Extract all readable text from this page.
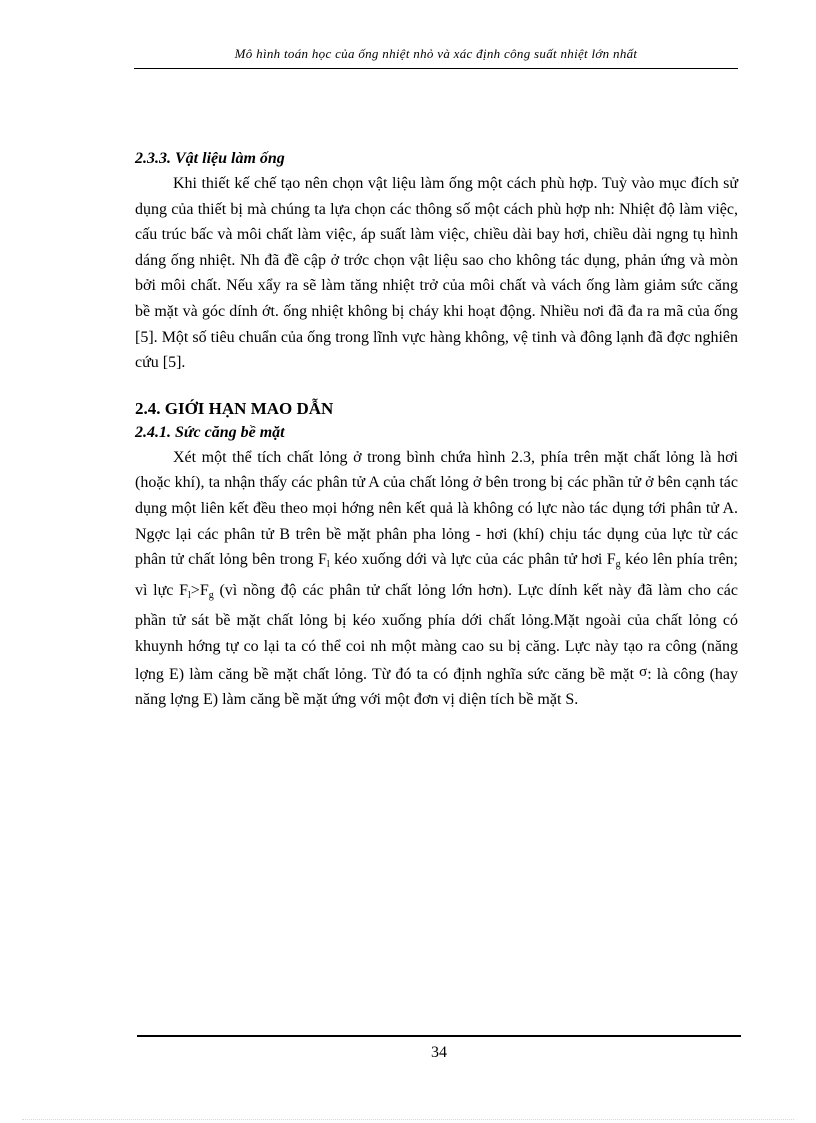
Mô hình toán học của ống nhiệt nhỏ và xác định công suất nhiệt lớn nhất
2.3.3. Vật liệu làm ống

Khi thiết kế chế tạo nên chọn vật liệu làm ống một cách phù hợp. Tuỳ vào mục đích sử dụng của thiết bị mà chúng ta lựa chọn các thông số một cách phù hợp nh: Nhiệt độ làm việc, cấu trúc bấc và môi chất làm việc, áp suất làm việc, chiều dài bay hơi, chiều dài ngng tụ hình dáng ống nhiệt. Nh đã đề cập ở trớc chọn vật liệu sao cho không tác dụng, phản ứng và mòn bởi môi chất. Nếu xẩy ra sẽ làm tăng nhiệt trở của môi chất và vách ống làm giảm sức căng bề mặt và góc dính ớt. ống nhiệt không bị cháy khi hoạt động. Nhiều nơi đã đa ra mã của ống [5]. Một số tiêu chuẩn của ống trong lĩnh vực hàng không, vệ tinh và đông lạnh đã đợc nghiên cứu [5].

2.4. GIỚI HẠN MAO DẪN
2.4.1. Sức căng bề mặt

Xét một thể tích chất lỏng ở trong bình chứa hình 2.3, phía trên mặt chất lỏng là hơi (hoặc khí), ta nhận thấy các phân tử A của chất lỏng ở bên trong bị các phần tử ở bên cạnh tác dụng một liên kết đều theo mọi hớng nên kết quả là không có lực nào tác dụng tới phân tử A. Ngợc lại các phân tử B trên bề mặt phân pha lỏng - hơi (khí) chịu tác dụng của lực từ các phân tử chất lỏng bên trong $F_l$ kéo xuống dới và lực của các phân tử hơi $F_g$ kéo lên phía trên; vì lực $F_l>F_g$ (vì nồng độ các phân tử chất lỏng lớn hơn). Lực dính kết này đã làm cho các phần tử sát bề mặt chất lỏng bị kéo xuống phía dới chất lỏng.Mặt ngoài của chất lỏng có khuynh hớng tự co lại ta có thể coi nh một màng cao su bị căng. Lực này tạo ra công (năng lợng E) làm căng bề mặt chất lỏng. Từ đó ta có định nghĩa sức căng bề mặt σ: là công (hay năng lợng E) làm căng bề mặt ứng với một đơn vị diện tích bề mặt S.

34
